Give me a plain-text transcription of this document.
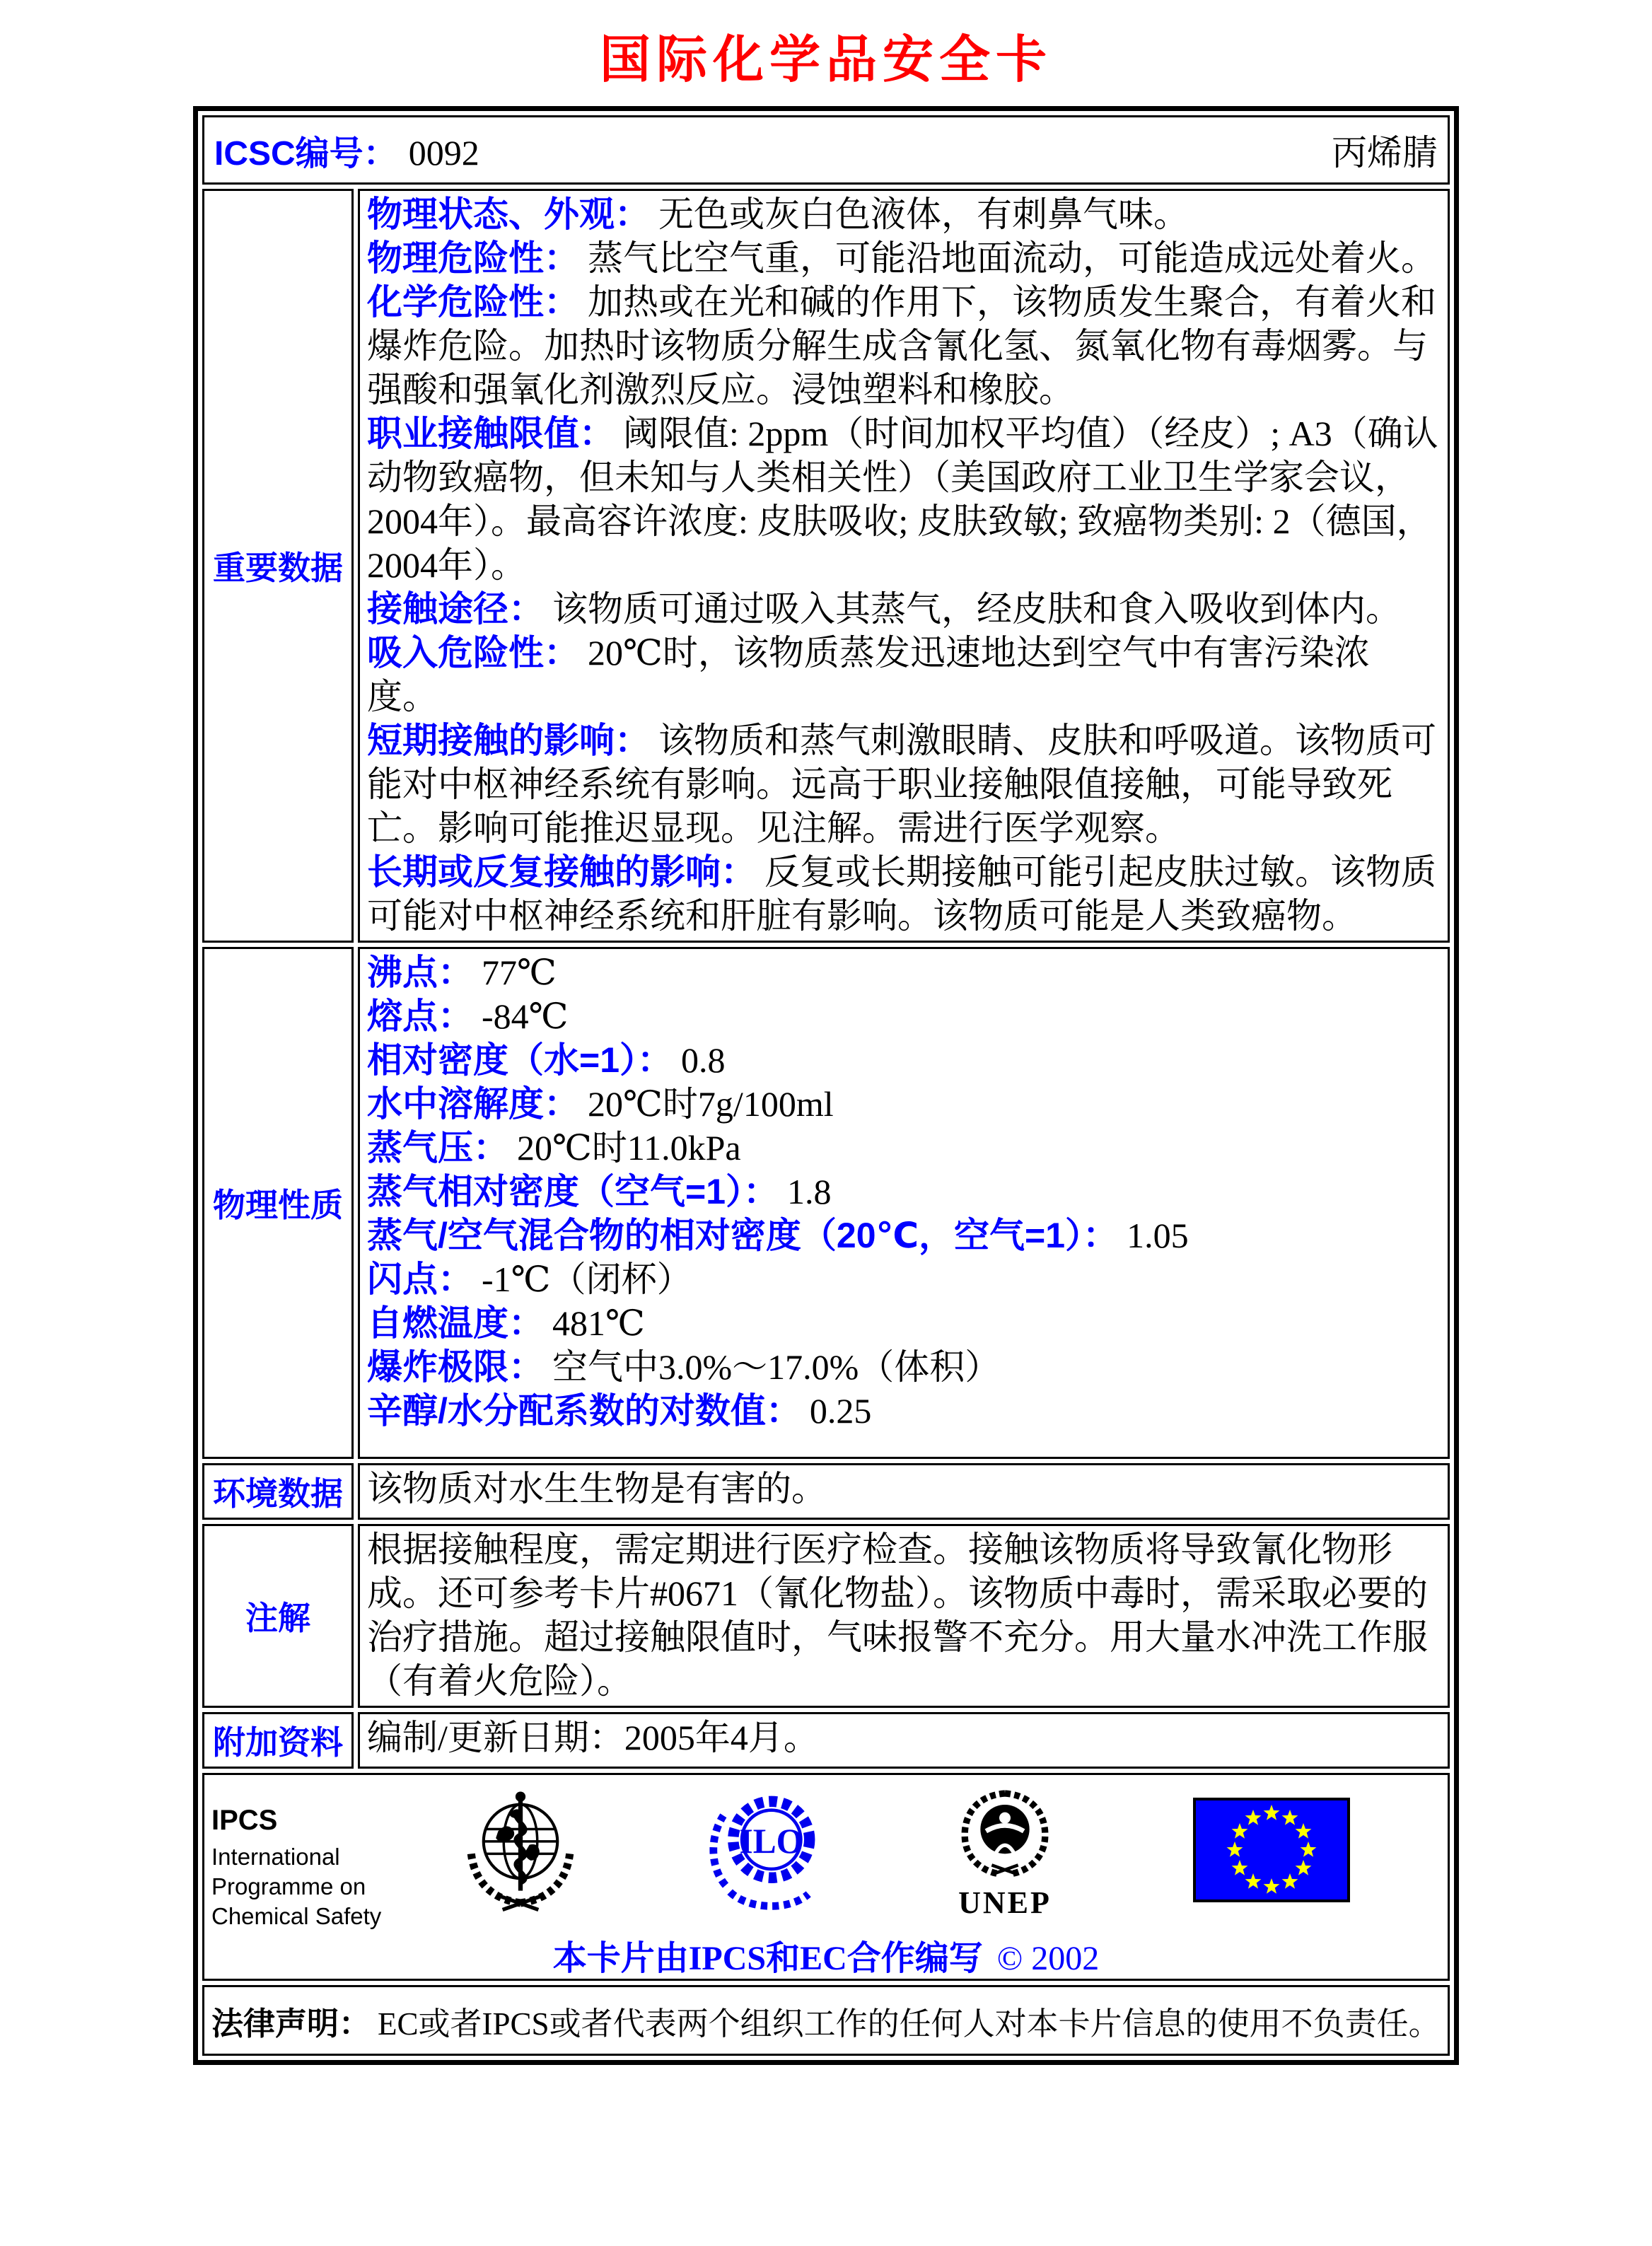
国际化学品安全卡
ICSC编号： 0092 丙烯腈	

重要数据	
物理状态、外观： 无色或灰白色液体，有刺鼻气味。
物理危险性： 蒸气比空气重，可能沿地面流动，可能造成远处着火。
化学危险性： 加热或在光和碱的作用下，该物质发生聚合，有着火和爆炸危险。加热时该物质分解生成含氰化氢、氮氧化物有毒烟雾。与强酸和强氧化剂激烈反应。浸蚀塑料和橡胶。
职业接触限值： 阈限值: 2ppm（时间加权平均值）（经皮）; A3（确认动物致癌物，但未知与人类相关性）（美国政府工业卫生学家会议，2004年）。最高容许浓度: 皮肤吸收; 皮肤致敏; 致癌物类别: 2（德国，2004年）。
接触途径： 该物质可通过吸入其蒸气，经皮肤和食入吸收到体内。
吸入危险性： 20℃时，该物质蒸发迅速地达到空气中有害污染浓度。
短期接触的影响： 该物质和蒸气刺激眼睛、皮肤和呼吸道。该物质可能对中枢神经系统有影响。远高于职业接触限值接触，可能导致死亡。影响可能推迟显现。见注解。需进行医学观察。
长期或反复接触的影响： 反复或长期接触可能引起皮肤过敏。该物质可能对中枢神经系统和肝脏有影响。该物质可能是人类致癌物。

物理性质	
沸点： 77℃
熔点： -84℃
相对密度（水=1）： 0.8
水中溶解度： 20℃时7g/100ml
蒸气压： 20℃时11.0kPa
蒸气相对密度（空气=1）： 1.8
蒸气/空气混合物的相对密度（20℃，空气=1）： 1.05
闪点： -1℃（闭杯）
自燃温度： 481℃
爆炸极限： 空气中3.0%～17.0%（体积）
辛醇/水分配系数的对数值： 0.25

环境数据	该物质对水生生物是有害的。
注解	根据接触程度，需定期进行医疗检查。接触该物质将导致氰化物形成。还可参考卡片#0671（氰化物盐）。该物质中毒时，需采取必要的治疗措施。超过接触限值时，气味报警不充分。用大量水冲洗工作服（有着火危险）。
附加资料	编制/更新日期：2005年4月。

IPCS
International
Programme on
Chemical Safety
ILO
UNEP
本卡片由IPCS和EC合作编写 © 2002

法律声明： EC或者IPCS或者代表两个组织工作的任何人对本卡片信息的使用不负责任。	
